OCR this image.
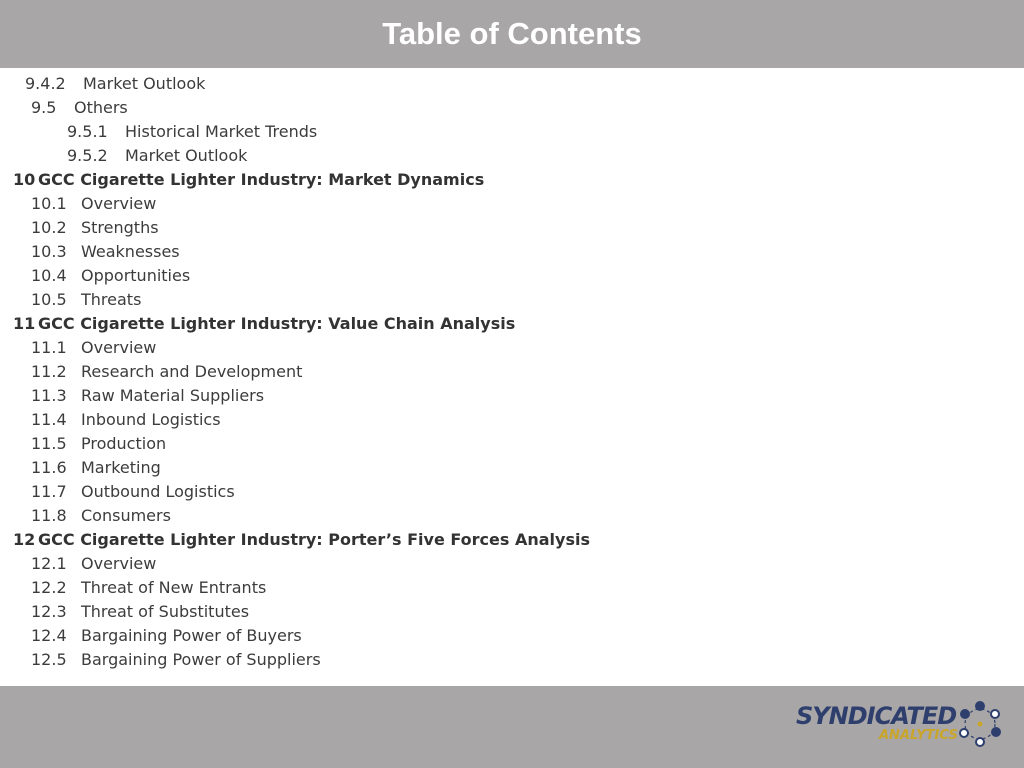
Table of Contents
9.4.2 Market Outlook
9.5 Others
9.5.1 Historical Market Trends
9.5.2 Market Outlook
10 GCC Cigarette Lighter Industry: Market Dynamics
10.1 Overview
10.2 Strengths
10.3 Weaknesses
10.4 Opportunities
10.5 Threats
11 GCC Cigarette Lighter Industry: Value Chain Analysis
11.1 Overview
11.2 Research and Development
11.3 Raw Material Suppliers
11.4 Inbound Logistics
11.5 Production
11.6 Marketing
11.7 Outbound Logistics
11.8 Consumers
12 GCC Cigarette Lighter Industry: Porter’s Five Forces Analysis
12.1 Overview
12.2 Threat of New Entrants
12.3 Threat of Substitutes
12.4 Bargaining Power of Buyers
12.5 Bargaining Power of Suppliers
SYNDICATED
ANALYTICS
